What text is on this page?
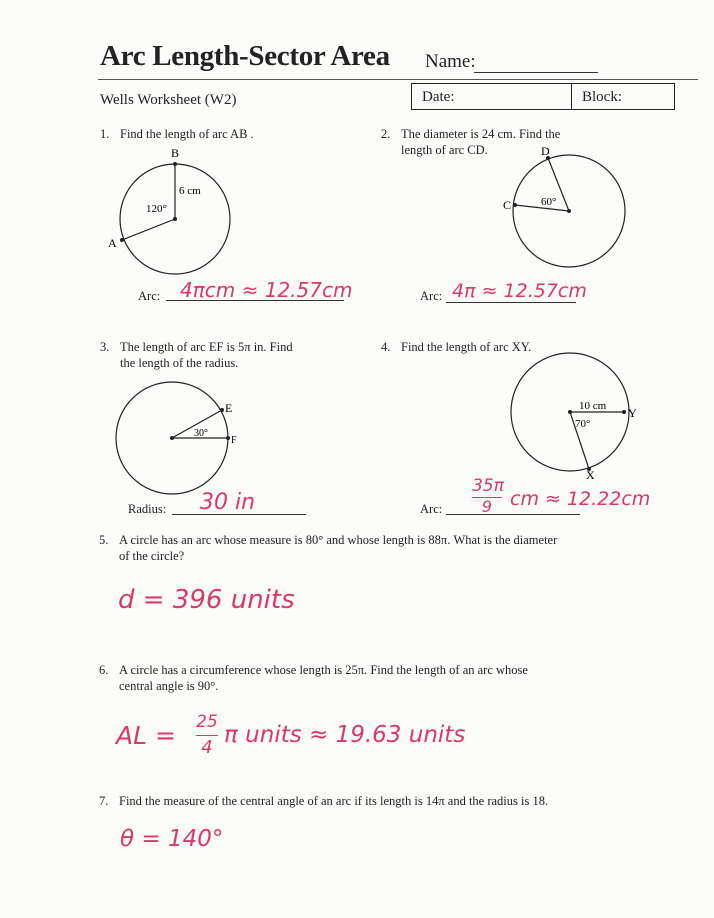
Arc Length-Sector Area Name:
Wells Worksheet (W2)	Date:	Block:
1. Find the length of arc AB .
B
A
6 cm
120°
Arc: 4πcm ≈ 12.57cm
2. The diameter is 24 cm. Find the
length of arc CD.	D
C	60°
Arc: 4π ≈ 12.57cm
3. The length of arc EF is 5π in. Find
the length of the radius.
E
F
30°
Radius: 30 in
4. Find the length of arc XY.
Y
X
10 cm
70°
Arc:
35π
9 cm ≈ 12.22cm
5. A circle has an arc whose measure is 80° and whose length is 88π. What is the diameter
of the circle?
d = 396 units
6. A circle has a circumference whose length is 25π. Find the length of an arc whose
central angle is 90°.
AL = 25
4 π units ≈ 19.63 units
7. Find the measure of the central angle of an arc if its length is 14π and the radius is 18.
θ = 140°
